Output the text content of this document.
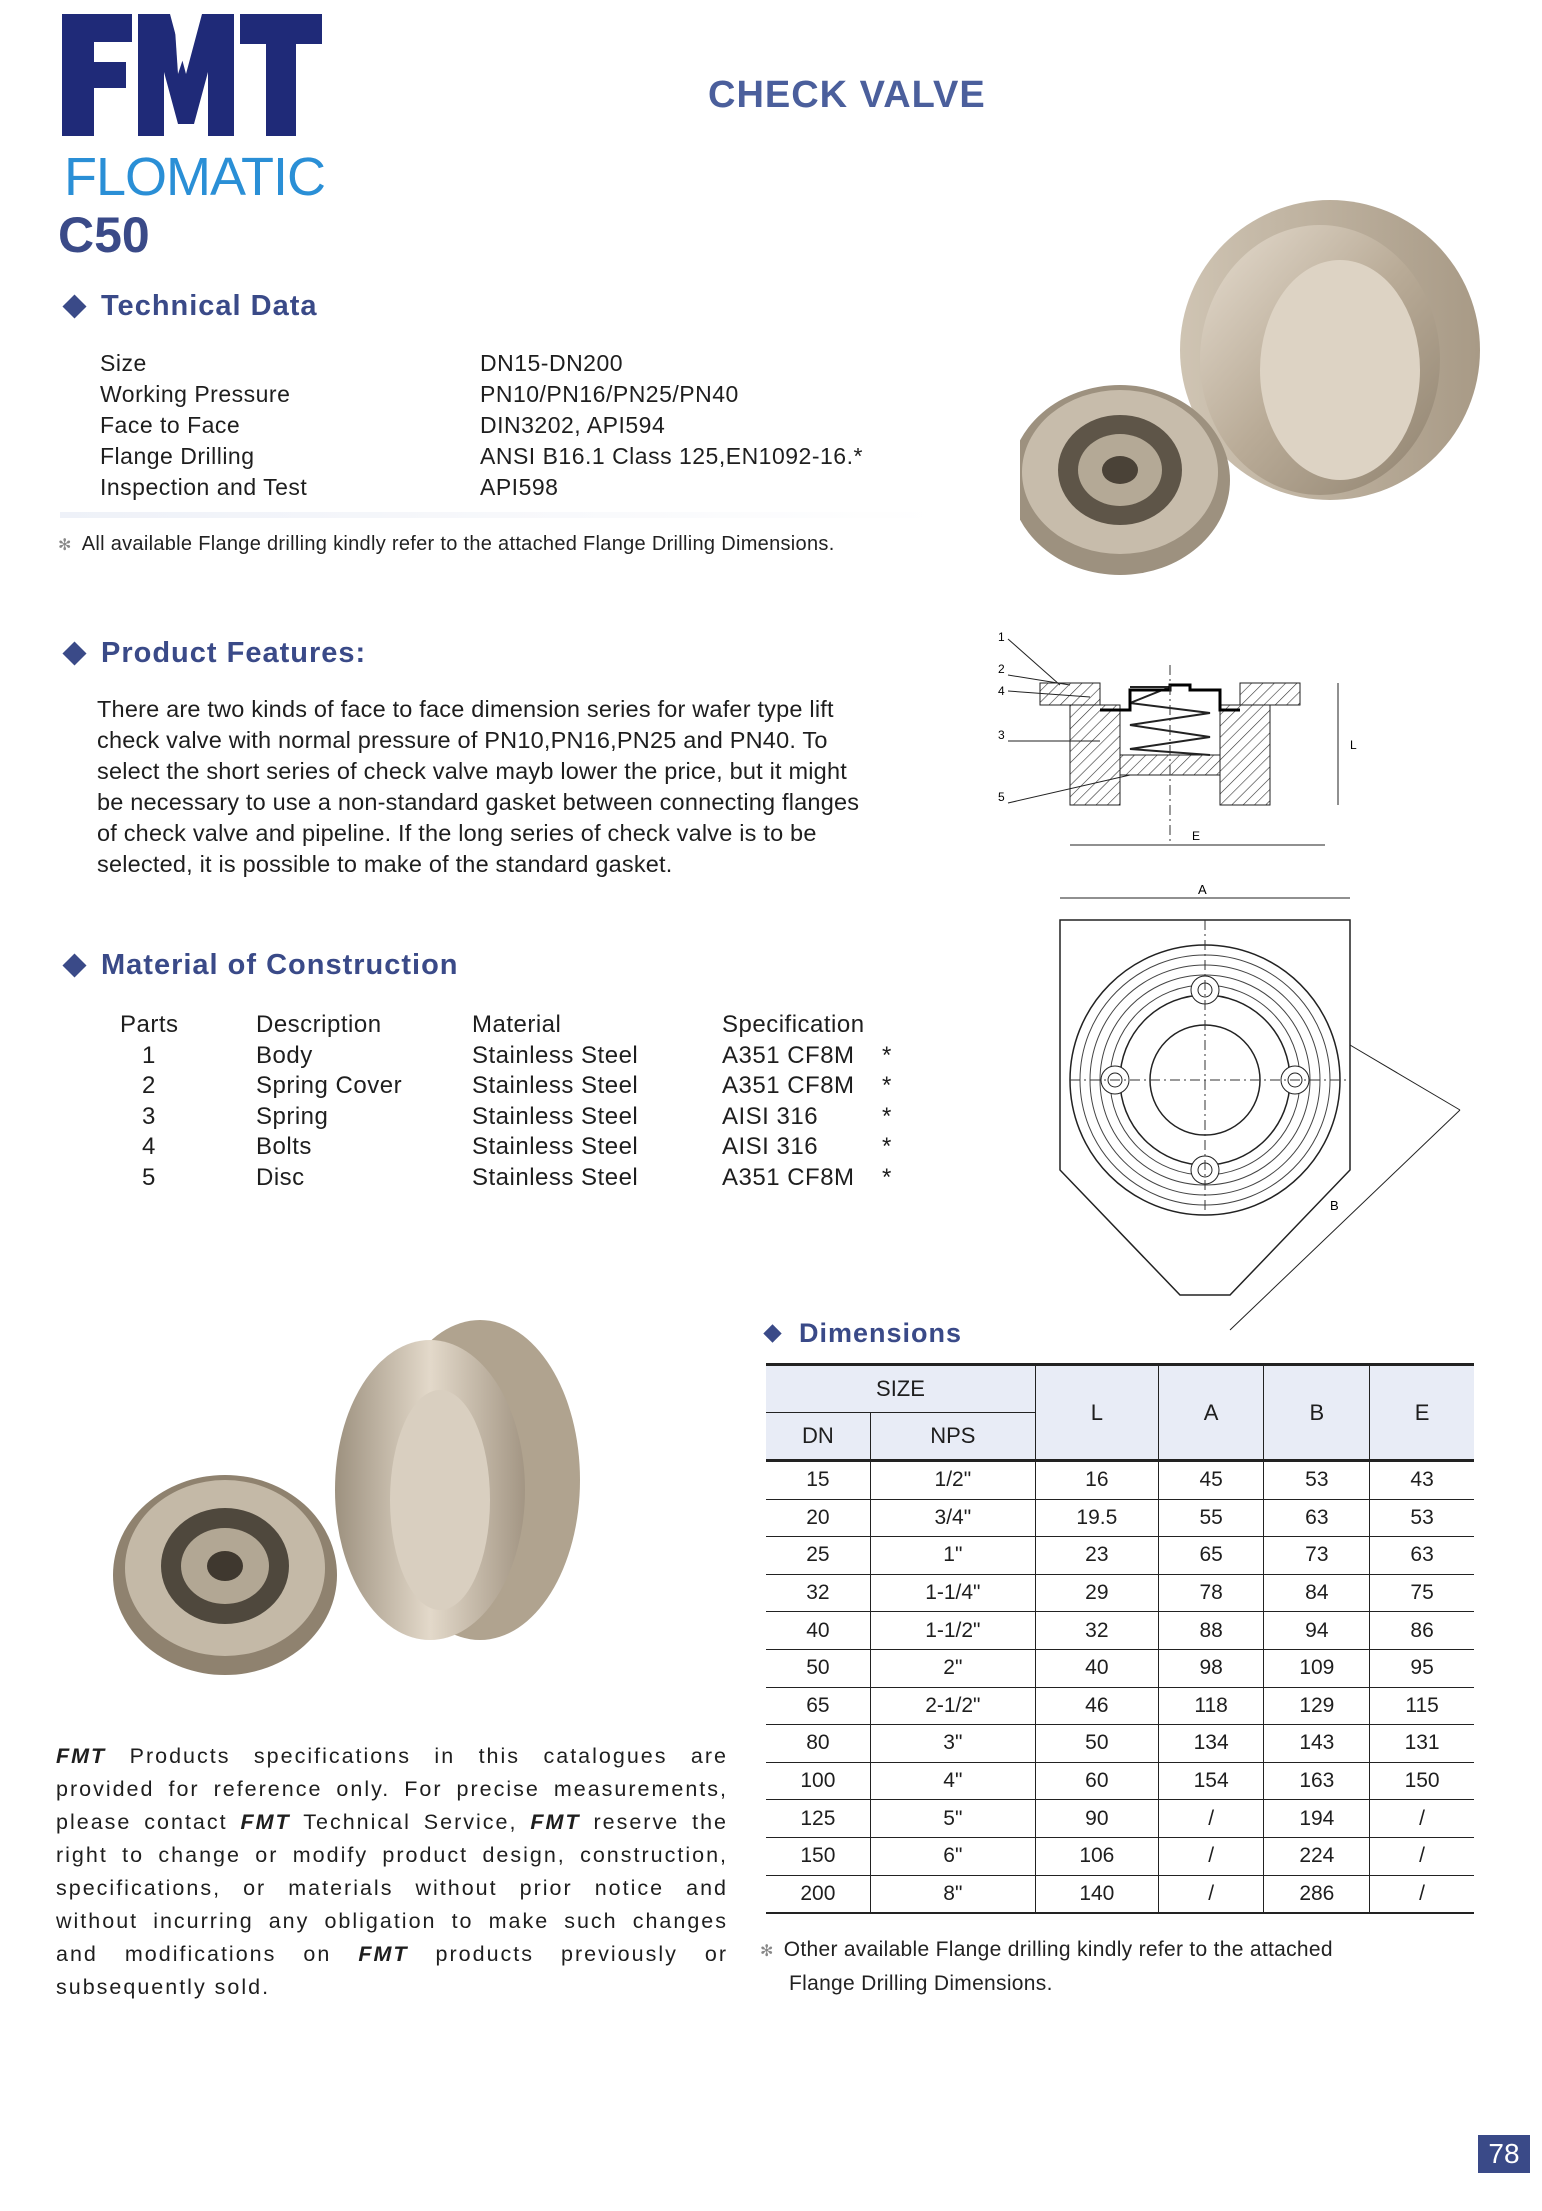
FLOMATIC
C50
CHECK VALVE
Technical Data
Size	DN15-DN200
Working Pressure	PN10/PN16/PN25/PN40
Face to Face	DIN3202, API594
Flange Drilling	ANSI B16.1 Class 125,EN1092-16.*
Inspection and Test	API598
✻ All available Flange drilling kindly refer to the attached Flange Drilling Dimensions.
Product Features:
There are two kinds of face to face dimension series for wafer type lift
check valve with normal pressure of PN10,PN16,PN25 and PN40. To
select the short series of check valve mayb lower the price, but it might
be necessary to use a non-standard gasket between connecting flanges
of check valve and pipeline. If the long series of check valve is to be
selected, it is possible to make of the standard gasket.
Material of Construction
Parts	Description	Material	Specification
1	Body	Stainless Steel	A351 CF8M	*
2	Spring Cover	Stainless Steel	A351 CF8M	*
3	Spring	Stainless Steel	AISI 316	*
4	Bolts	Stainless Steel	AISI 316	*
5	Disc	Stainless Steel	A351 CF8M	*
L
E
1
2
4
3
5
A
B
FMT Products specifications in this catalogues are provided for reference only. For precise measurements, please contact FMT Technical Service, FMT reserve the right to change or modify product design, construction, specifications, or materials without prior notice and without incurring any obligation to make such changes and modifications on FMT products previously or subsequently sold.
Dimensions
SIZE		L	A	B	E
DN	NPS				
15	1/2"	16	45	53	43
20	3/4"	19.5	55	63	53
25	1"	23	65	73	63
32	1-1/4"	29	78	84	75
40	1-1/2"	32	88	94	86
50	2"	40	98	109	95
65	2-1/2"	46	118	129	115
80	3"	50	134	143	131
100	4"	60	154	163	150
125	5"	90	/	194	/
150	6"	106	/	224	/
200	8"	140	/	286	/
✻ Other available Flange drilling kindly refer to the attached
Flange Drilling Dimensions.
78
